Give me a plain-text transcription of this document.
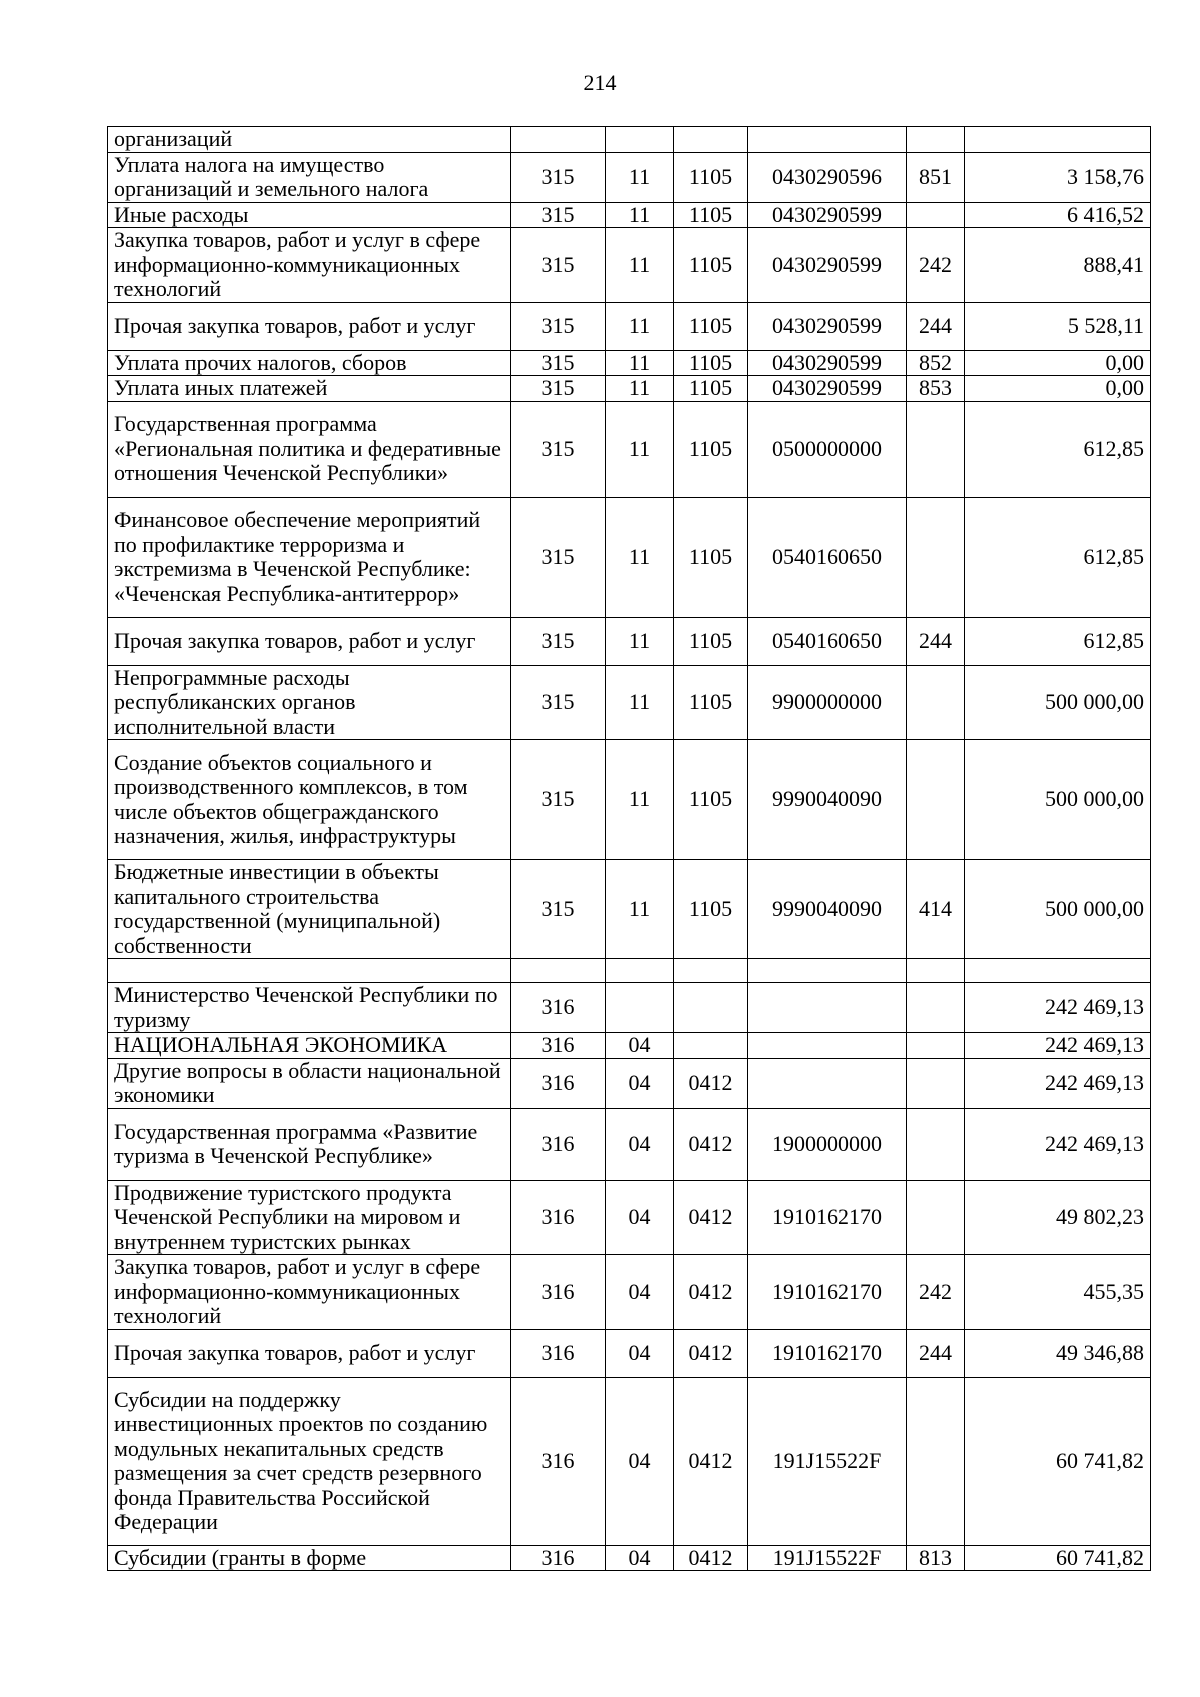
214
организаций						
Уплата налога на имущество организаций и земельного налога	315	11	1105	0430290596	851	3 158,76
Иные расходы	315	11	1105	0430290599		6 416,52
Закупка товаров, работ и услуг в сфере информационно-коммуникационных технологий	315	11	1105	0430290599	242	888,41
Прочая закупка товаров, работ и услуг	315	11	1105	0430290599	244	5 528,11
Уплата прочих налогов, сборов	315	11	1105	0430290599	852	0,00
Уплата иных платежей	315	11	1105	0430290599	853	0,00
Государственная программа «Региональная политика и федеративные отношения Чеченской Республики»	315	11	1105	0500000000		612,85
Финансовое обеспечение мероприятий по профилактике терроризма и экстремизма в Чеченской Республике: «Чеченская Республика-антитеррор»	315	11	1105	0540160650		612,85
Прочая закупка товаров, работ и услуг	315	11	1105	0540160650	244	612,85
Непрограммные расходы республиканских органов исполнительной власти	315	11	1105	9900000000		500 000,00
Создание объектов социального и производственного комплексов, в том числе объектов общегражданского назначения, жилья, инфраструктуры	315	11	1105	9990040090		500 000,00
Бюджетные инвестиции в объекты капитального строительства государственной (муниципальной) собственности	315	11	1105	9990040090	414	500 000,00

Министерство Чеченской Республики по туризму	316					242 469,13
НАЦИОНАЛЬНАЯ ЭКОНОМИКА	316	04				242 469,13
Другие вопросы в области национальной экономики	316	04	0412			242 469,13
Государственная программа «Развитие туризма в Чеченской Республике»	316	04	0412	1900000000		242 469,13
Продвижение туристского продукта Чеченской Республики на мировом и внутреннем туристских рынках	316	04	0412	1910162170		49 802,23
Закупка товаров, работ и услуг в сфере информационно-коммуникационных технологий	316	04	0412	1910162170	242	455,35
Прочая закупка товаров, работ и услуг	316	04	0412	1910162170	244	49 346,88
Субсидии на поддержку инвестиционных проектов по созданию модульных некапитальных средств размещения за счет средств резервного фонда Правительства Российской Федерации	316	04	0412	191J15522F		60 741,82
Субсидии (гранты в форме	316	04	0412	191J15522F	813	60 741,82
